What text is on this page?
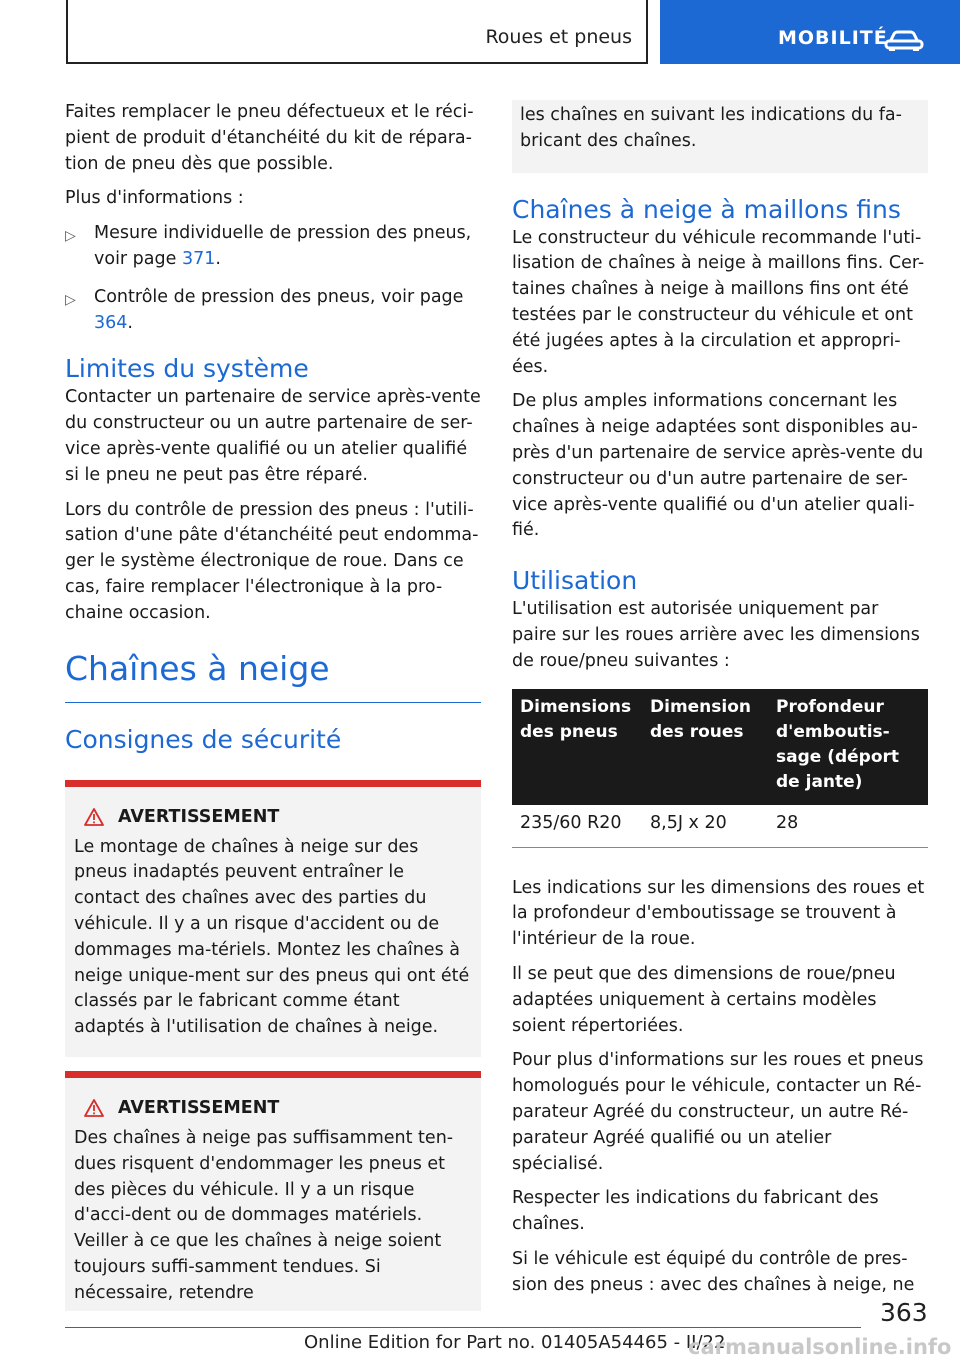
Roues et pneus	MOBILITÉ

Faites remplacer le pneu défectueux et le réci-pient de produit d'étanchéité du kit de répara-tion de pneu dès que possible.

Plus d'informations :

▷ Mesure individuelle de pression des pneus, voir page 371.
▷ Contrôle de pression des pneus, voir page 364.
Limites du système

Contacter un partenaire de service après-vente du constructeur ou un autre partenaire de ser-vice après-vente qualifié ou un atelier qualifié si le pneu ne peut pas être réparé.

Lors du contrôle de pression des pneus : l'utili-sation d'une pâte d'étanchéité peut endomma-ger le système électronique de roue. Dans ce cas, faire remplacer l'électronique à la pro-chaine occasion.

Chaînes à neige
Consignes de sécurité
AVERTISSEMENT

Le montage de chaînes à neige sur des pneus inadaptés peuvent entraîner le contact des chaînes avec des parties du véhicule. Il y a un risque d'accident ou de dommages ma-tériels. Montez les chaînes à neige unique-ment sur des pneus qui ont été classés par le fabricant comme étant adaptés à l'utilisation de chaînes à neige.

AVERTISSEMENT

Des chaînes à neige pas suffisamment ten-dues risquent d'endommager les pneus et des pièces du véhicule. Il y a un risque d'acci-dent ou de dommages matériels. Veiller à ce que les chaînes à neige soient toujours suffi-samment tendues. Si nécessaire, retendre

les chaînes en suivant les indications du fa-bricant des chaînes.

Chaînes à neige à maillons fins

Le constructeur du véhicule recommande l'uti-lisation de chaînes à neige à maillons fins. Cer-taines chaînes à neige à maillons fins ont été testées par le constructeur du véhicule et ont été jugées aptes à la circulation et appropri-ées.

De plus amples informations concernant les chaînes à neige adaptées sont disponibles au-près d'un partenaire de service après-vente du constructeur ou d'un autre partenaire de ser-vice après-vente qualifié ou d'un atelier quali-fié.

Utilisation

L'utilisation est autorisée uniquement par paire sur les roues arrière avec les dimensions de roue/pneu suivantes :

Dimensions des pneus	Dimension des roues	Profondeur d'emboutis-sage (déport de jante)
235/60 R20	8,5J x 20	28

Les indications sur les dimensions des roues et la profondeur d'emboutissage se trouvent à l'intérieur de la roue.

Il se peut que des dimensions de roue/pneu adaptées uniquement à certains modèles soient répertoriées.

Pour plus d'informations sur les roues et pneus homologués pour le véhicule, contacter un Ré-parateur Agréé du constructeur, un autre Ré-parateur Agréé qualifié ou un atelier spécialisé.

Respecter les indications du fabricant des chaînes.

Si le véhicule est équipé du contrôle de pres-sion des pneus : avec des chaînes à neige, ne

363
Online Edition for Part no. 01405A54465 - II/22
carmanualsonline.info
